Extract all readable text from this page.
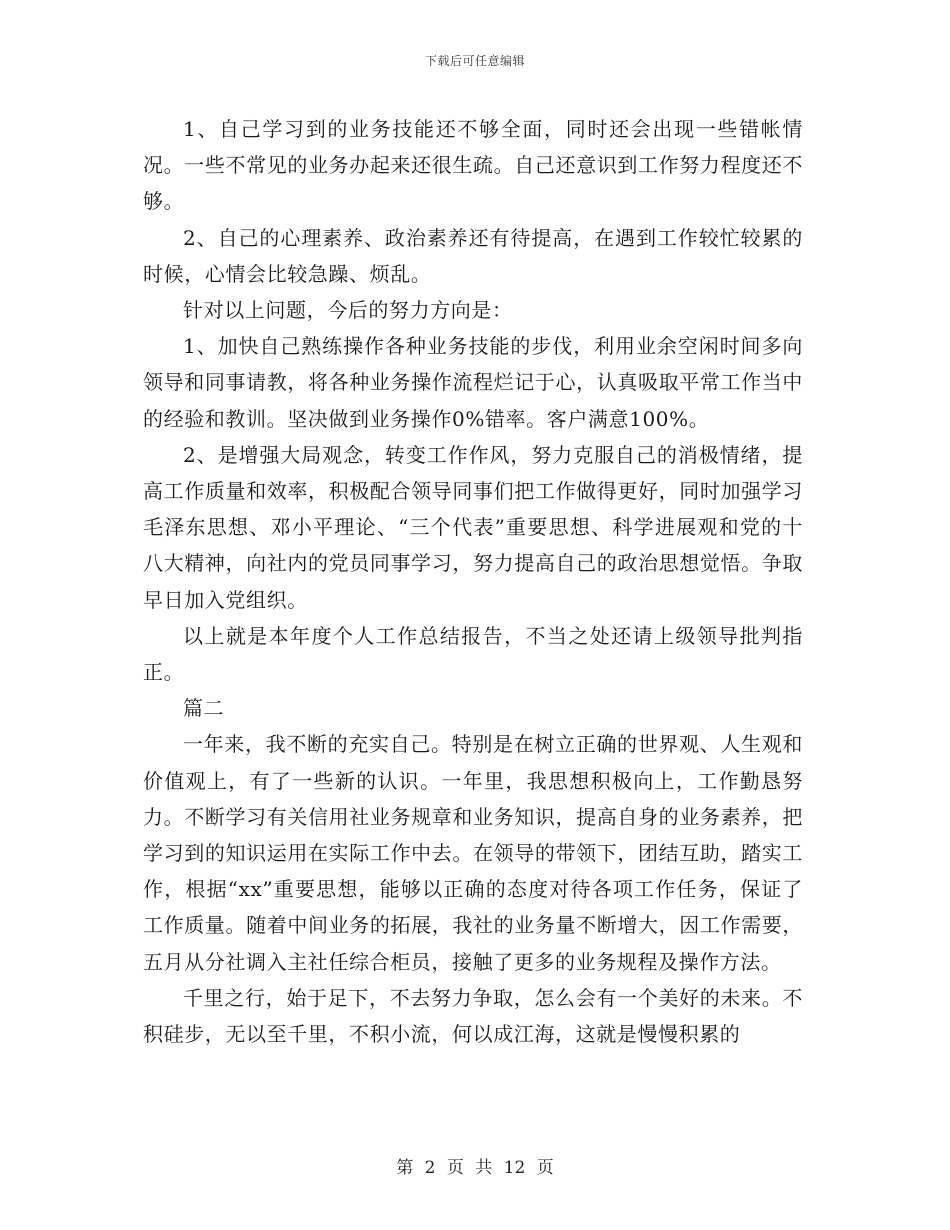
下载后可任意编辑

1、自己学习到的业务技能还不够全面，同时还会出现一些错帐情况。一些不常见的业务办起来还很生疏。自己还意识到工作努力程度还不够。

2、自己的心理素养、政治素养还有待提高，在遇到工作较忙较累的时候，心情会比较急躁、烦乱。

针对以上问题，今后的努力方向是：

1、加快自己熟练操作各种业务技能的步伐，利用业余空闲时间多向领导和同事请教，将各种业务操作流程烂记于心，认真吸取平常工作当中的经验和教训。坚决做到业务操作0%错率。客户满意100%。

2、是增强大局观念，转变工作作风，努力克服自己的消极情绪，提高工作质量和效率，积极配合领导同事们把工作做得更好，同时加强学习毛泽东思想、邓小平理论、“三个代表”重要思想、科学进展观和党的十八大精神，向社内的党员同事学习，努力提高自己的政治思想觉悟。争取早日加入党组织。

以上就是本年度个人工作总结报告，不当之处还请上级领导批判指正。

篇二

一年来，我不断的充实自己。特别是在树立正确的世界观、人生观和价值观上，有了一些新的认识。一年里，我思想积极向上，工作勤恳努力。不断学习有关信用社业务规章和业务知识，提高自身的业务素养，把学习到的知识运用在实际工作中去。在领导的带领下，团结互助，踏实工作，根据“xx”重要思想，能够以正确的态度对待各项工作任务，保证了工作质量。随着中间业务的拓展，我社的业务量不断增大，因工作需要，五月从分社调入主社任综合柜员，接触了更多的业务规程及操作方法。

千里之行，始于足下，不去努力争取，怎么会有一个美好的未来。不积硅步，无以至千里，不积小流，何以成江海，这就是慢慢积累的

第 2 页 共 12 页
